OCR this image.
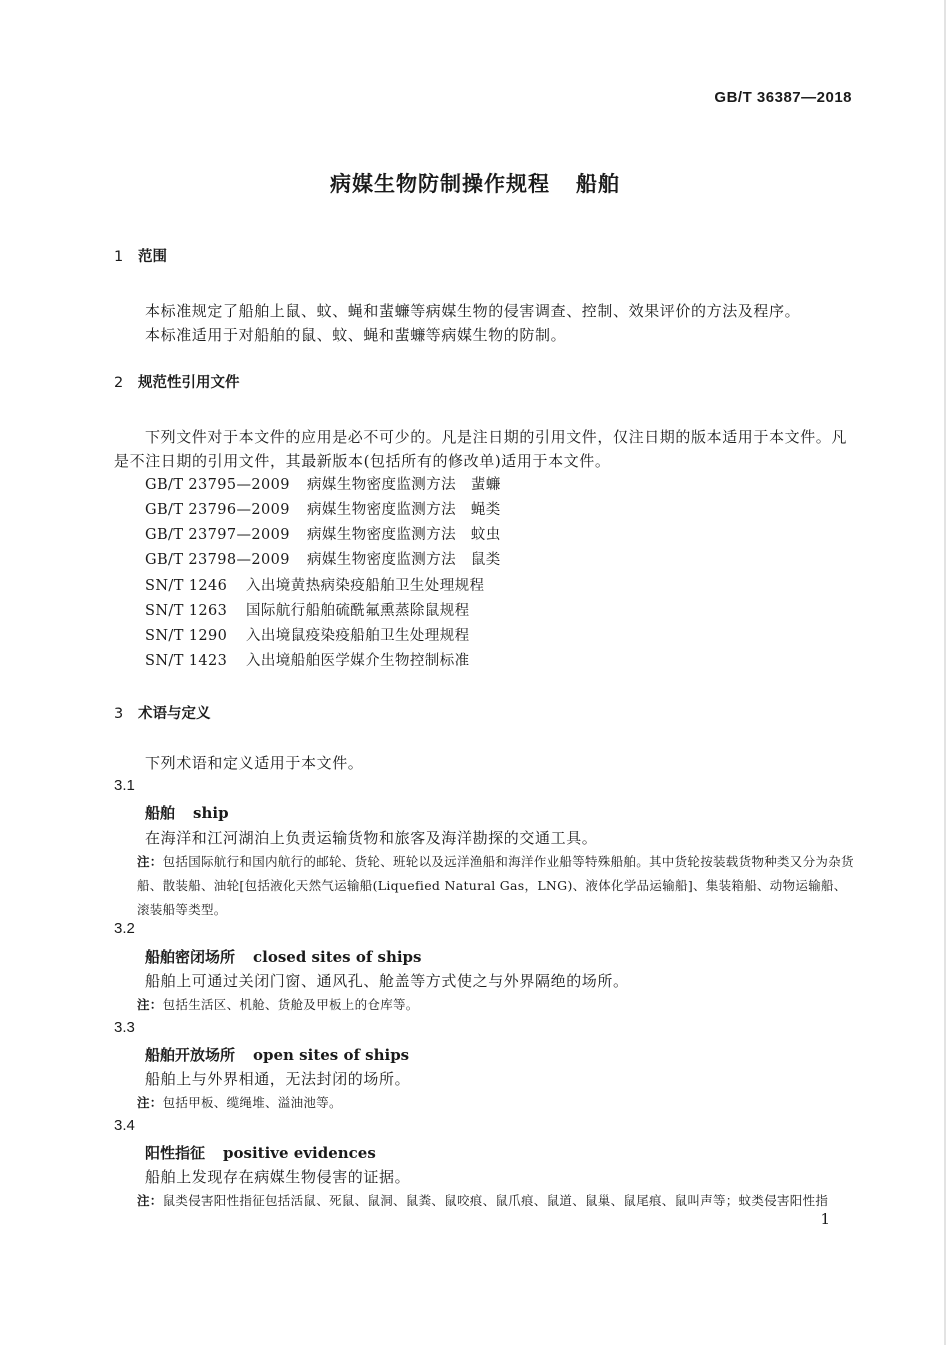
GB/T 36387—2018
病媒生物防制操作规程 船舶
1 范围
本标准规定了船舶上鼠、蚊、蝇和蜚蠊等病媒生物的侵害调查、控制、效果评价的方法及程序。
本标准适用于对船舶的鼠、蚊、蝇和蜚蠊等病媒生物的防制。
2 规范性引用文件
下列文件对于本文件的应用是必不可少的。凡是注日期的引用文件，仅注日期的版本适用于本文件。凡是不注日期的引用文件，其最新版本(包括所有的修改单)适用于本文件。
GB/T 23795—2009 病媒生物密度监测方法　蜚蠊
GB/T 23796—2009 病媒生物密度监测方法　蝇类
GB/T 23797—2009 病媒生物密度监测方法　蚊虫
GB/T 23798—2009 病媒生物密度监测方法　鼠类
SN/T 1246 入出境黄热病染疫船舶卫生处理规程
SN/T 1263 国际航行船舶硫酰氟熏蒸除鼠规程
SN/T 1290 入出境鼠疫染疫船舶卫生处理规程
SN/T 1423 入出境船舶医学媒介生物控制标准
3 术语与定义
下列术语和定义适用于本文件。
3.1
船舶 ship
在海洋和江河湖泊上负责运输货物和旅客及海洋勘探的交通工具。
注：包括国际航行和国内航行的邮轮、货轮、班轮以及远洋渔船和海洋作业船等特殊船舶。其中货轮按装载货物种类又分为杂货船、散装船、油轮[包括液化天然气运输船(Liquefied Natural Gas，LNG)、液体化学品运输船]、集装箱船、动物运输船、滚装船等类型。
3.2
船舶密闭场所 closed sites of ships
船舶上可通过关闭门窗、通风孔、舱盖等方式使之与外界隔绝的场所。
注：包括生活区、机舱、货舱及甲板上的仓库等。
3.3
船舶开放场所 open sites of ships
船舶上与外界相通，无法封闭的场所。
注：包括甲板、缆绳堆、溢油池等。
3.4
阳性指征 positive evidences
船舶上发现存在病媒生物侵害的证据。
注：鼠类侵害阳性指征包括活鼠、死鼠、鼠洞、鼠粪、鼠咬痕、鼠爪痕、鼠道、鼠巢、鼠尾痕、鼠叫声等；蚊类侵害阳性指
1
